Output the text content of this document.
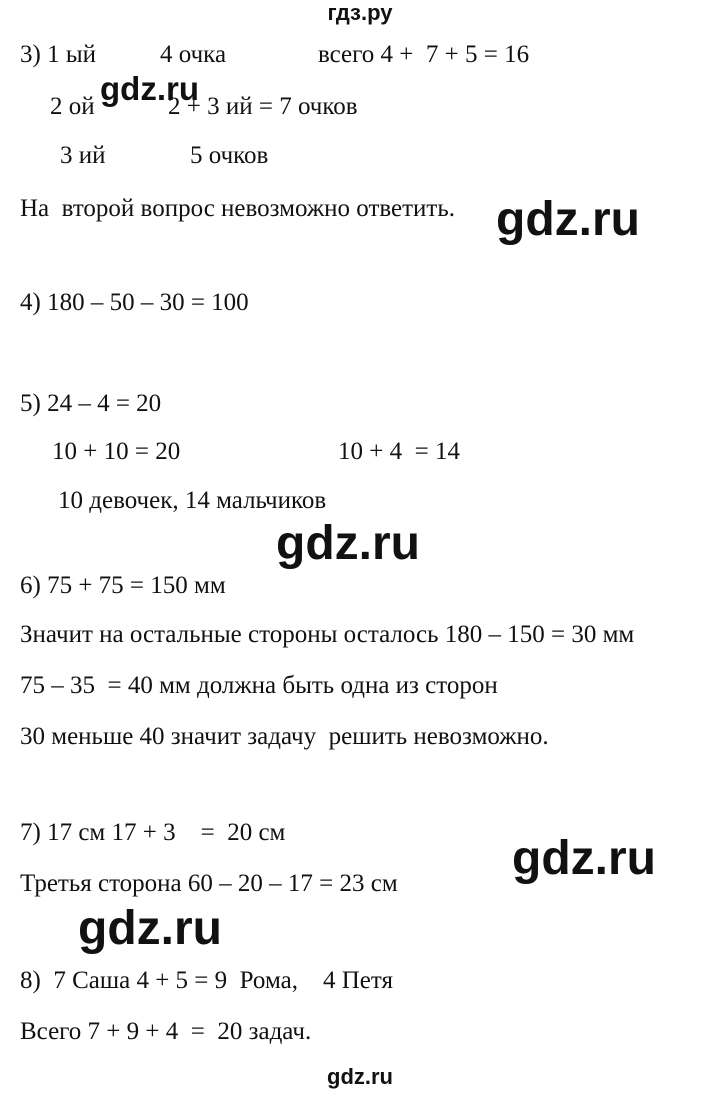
гдз.ру
3) 1 ый	4 очка	всего 4 +  7 + 5 = 16
2 ой	2 + 3 ий = 7 очков
3 ий	5 очков
На  второй вопрос невозможно ответить.
4) 180 – 50 – 30 = 100
5) 24 – 4 = 20
10 + 10 = 20	10 + 4  = 14
10 девочек, 14 мальчиков
6) 75 + 75 = 150 мм
Значит на остальные стороны осталось 180 – 150 = 30 мм
75 – 35  = 40 мм должна быть одна из сторон
30 меньше 40 значит задачу  решить невозможно.
7) 17 см 17 + 3    =  20 см
Третья сторона 60 – 20 – 17 = 23 см
8)  7 Саша 4 + 5 = 9  Рома,    4 Петя
Всего 7 + 9 + 4  =  20 задач.
gdz.ru
gdz.ru
gdz.ru
gdz.ru
gdz.ru
gdz.ru
